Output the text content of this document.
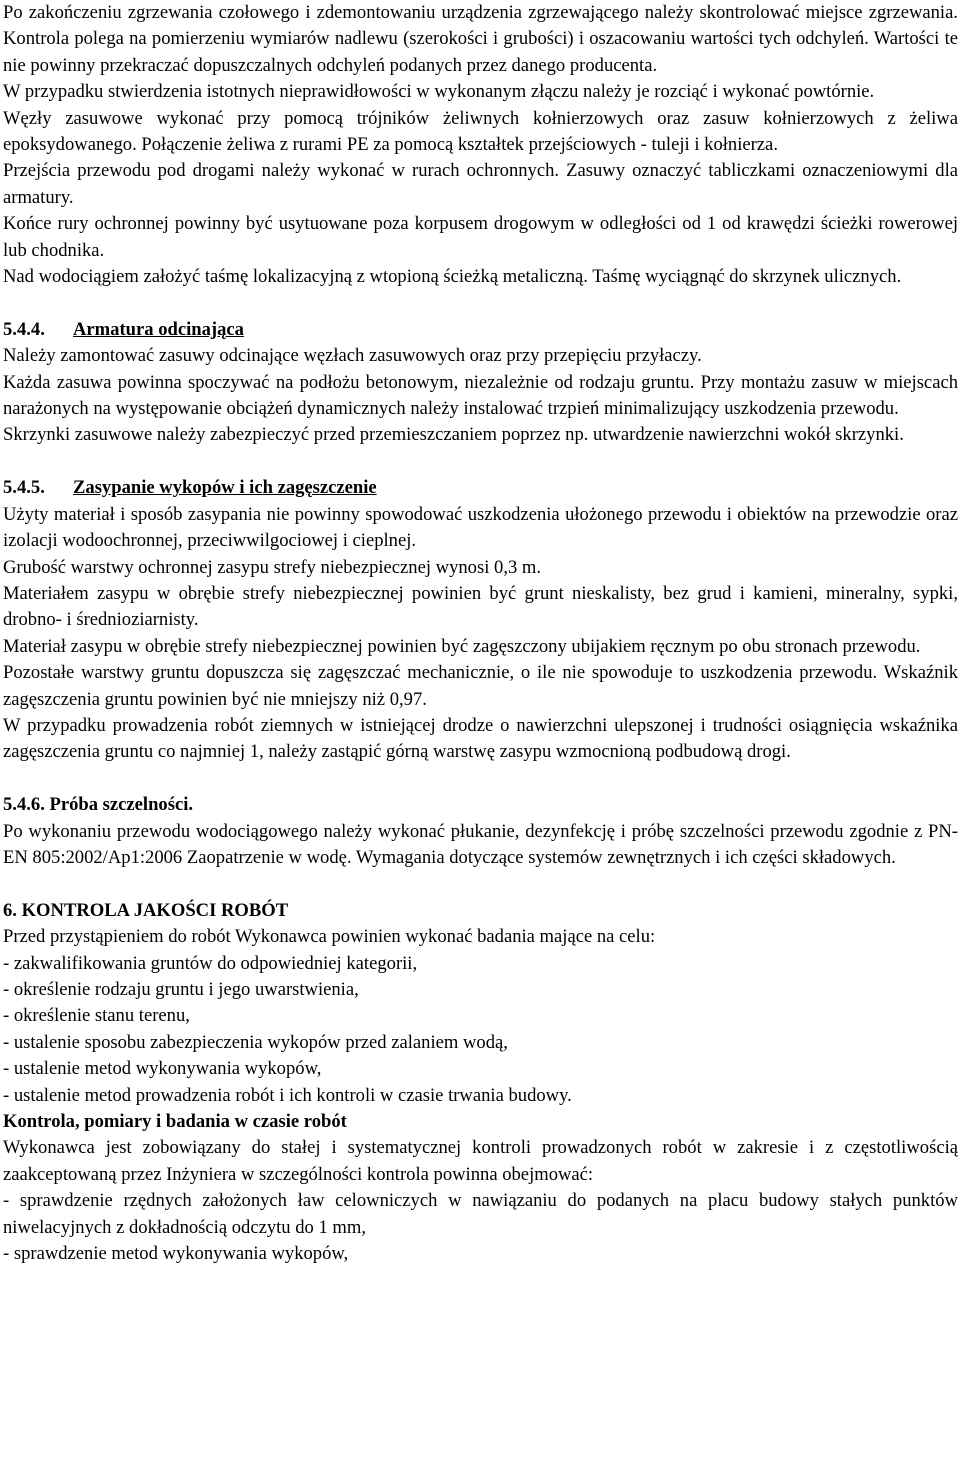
Po zakończeniu zgrzewania czołowego i zdemontowaniu urządzenia zgrzewającego należy skontrolować miejsce zgrzewania. Kontrola polega na pomierzeniu wymiarów nadlewu (szerokości i grubości) i oszacowaniu wartości tych odchyleń. Wartości te nie powinny przekraczać dopuszczalnych odchyleń podanych przez danego producenta.

W przypadku stwierdzenia istotnych nieprawidłowości w wykonanym złączu należy je rozciąć i wykonać powtórnie.

Węzły zasuwowe wykonać przy pomocą trójników żeliwnych kołnierzowych oraz zasuw kołnierzowych z żeliwa epoksydowanego. Połączenie żeliwa z rurami PE za pomocą kształtek przejściowych - tuleji i kołnierza.

Przejścia przewodu pod drogami należy wykonać w rurach ochronnych. Zasuwy oznaczyć tabliczkami oznaczeniowymi dla armatury.

Końce rury ochronnej powinny być usytuowane poza korpusem drogowym w odległości od 1 od krawędzi ścieżki rowerowej lub chodnika.

Nad wodociągiem założyć taśmę lokalizacyjną z wtopioną ścieżką metaliczną. Taśmę wyciągnąć do skrzynek ulicznych.

5.4.4. Armatura odcinająca

Należy zamontować zasuwy odcinające węzłach zasuwowych oraz przy przepięciu przyłaczy.

Każda zasuwa powinna spoczywać na podłożu betonowym, niezależnie od rodzaju gruntu. Przy montażu zasuw w miejscach narażonych na występowanie obciążeń dynamicznych należy instalować trzpień minimalizujący uszkodzenia przewodu.

Skrzynki zasuwowe należy zabezpieczyć przed przemieszczaniem poprzez np. utwardzenie nawierzchni wokół skrzynki.

5.4.5. Zasypanie wykopów i ich zagęszczenie

Użyty materiał i sposób zasypania nie powinny spowodować uszkodzenia ułożonego przewodu i obiektów na przewodzie oraz izolacji wodoochronnej, przeciwwilgociowej i cieplnej.

Grubość warstwy ochronnej zasypu strefy niebezpiecznej wynosi 0,3 m.

Materiałem zasypu w obrębie strefy niebezpiecznej powinien być grunt nieskalisty, bez grud i kamieni, mineralny, sypki, drobno- i średnioziarnisty.

Materiał zasypu w obrębie strefy niebezpiecznej powinien być zagęszczony ubijakiem ręcznym po obu stronach przewodu.

Pozostałe warstwy gruntu dopuszcza się zagęszczać mechanicznie, o ile nie spowoduje to uszkodzenia przewodu. Wskaźnik zagęszczenia gruntu powinien być nie mniejszy niż 0,97.

W przypadku prowadzenia robót ziemnych w istniejącej drodze o nawierzchni ulepszonej i trudności osiągnięcia wskaźnika zagęszczenia gruntu co najmniej 1, należy zastąpić górną warstwę zasypu wzmocnioną podbudową drogi.

5.4.6. Próba szczelności.

Po wykonaniu przewodu wodociągowego należy wykonać płukanie, dezynfekcję i próbę szczelności przewodu zgodnie z PN-EN 805:2002/Ap1:2006 Zaopatrzenie w wodę. Wymagania dotyczące systemów zewnętrznych i ich części składowych.

6. KONTROLA JAKOŚCI ROBÓT

Przed przystąpieniem do robót Wykonawca powinien wykonać badania mające na celu:

- zakwalifikowania gruntów do odpowiedniej kategorii,

- określenie rodzaju gruntu i jego uwarstwienia,

- określenie stanu terenu,

- ustalenie sposobu zabezpieczenia wykopów przed zalaniem wodą,

- ustalenie metod wykonywania wykopów,

- ustalenie metod prowadzenia robót i ich kontroli w czasie trwania budowy.

Kontrola, pomiary i badania w czasie robót

Wykonawca jest zobowiązany do stałej i systematycznej kontroli prowadzonych robót w zakresie i z częstotliwością zaakceptowaną przez Inżyniera w szczególności kontrola powinna obejmować:

- sprawdzenie rzędnych założonych ław celowniczych w nawiązaniu do podanych na placu budowy stałych punktów niwelacyjnych z dokładnością odczytu do 1 mm,

- sprawdzenie metod wykonywania wykopów,
